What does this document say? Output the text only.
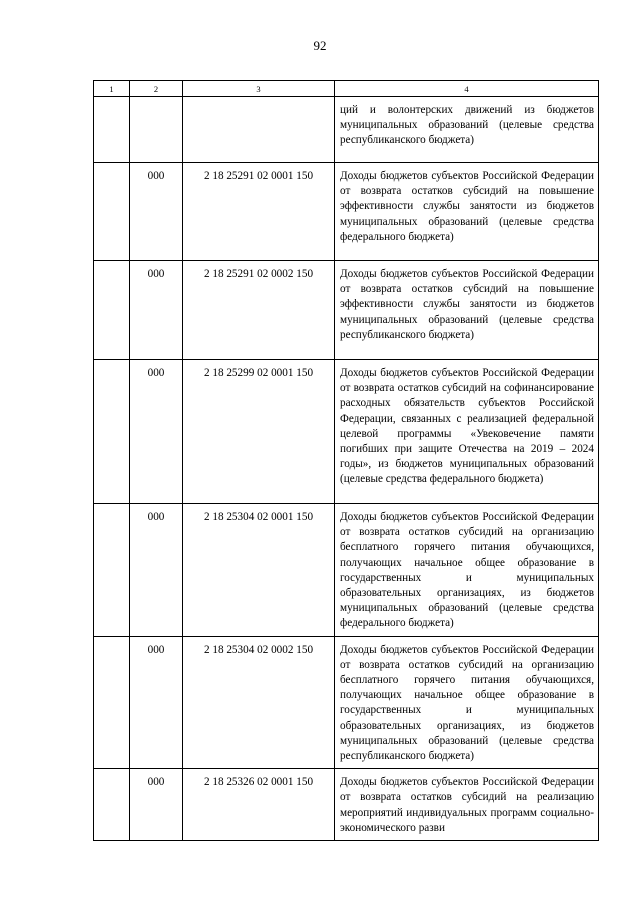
92
1	2	3	4
			ций и волонтерских движений из бюджетов муниципальных образований (целевые средства республиканского бюджета)
	000	2 18 25291 02 0001 150	Доходы бюджетов субъектов Российской Федерации от возврата остатков субсидий на повышение эффективности службы занятости из бюджетов муниципальных образований (целевые средства федерального бюджета)
	000	2 18 25291 02 0002 150	Доходы бюджетов субъектов Российской Федерации от возврата остатков субсидий на повышение эффективности службы занятости из бюджетов муниципальных образований (целевые средства республиканского бюджета)
	000	2 18 25299 02 0001 150	Доходы бюджетов субъектов Российской Федерации от возврата остатков субсидий на софинансирование расходных обязательств субъектов Российской Федерации, связанных с реализацией федеральной целевой программы «Увековечение памяти погибших при защите Отечества на 2019 – 2024 годы», из бюджетов муниципальных образований (целевые средства федерального бюджета)
	000	2 18 25304 02 0001 150	Доходы бюджетов субъектов Российской Федерации от возврата остатков субсидий на организацию бесплатного горячего питания обучающихся, получающих начальное общее образование в государственных и муниципальных образовательных организациях, из бюджетов муниципальных образований (целевые средства федерального бюджета)
	000	2 18 25304 02 0002 150	Доходы бюджетов субъектов Российской Федерации от возврата остатков субсидий на организацию бесплатного горячего питания обучающихся, получающих начальное общее образование в государственных и муниципальных образовательных организациях, из бюджетов муниципальных образований (целевые средства республиканского бюджета)
	000	2 18 25326 02 0001 150	Доходы бюджетов субъектов Российской Федерации от возврата остатков субсидий на реализацию мероприятий индивидуальных программ социально-экономического разви
